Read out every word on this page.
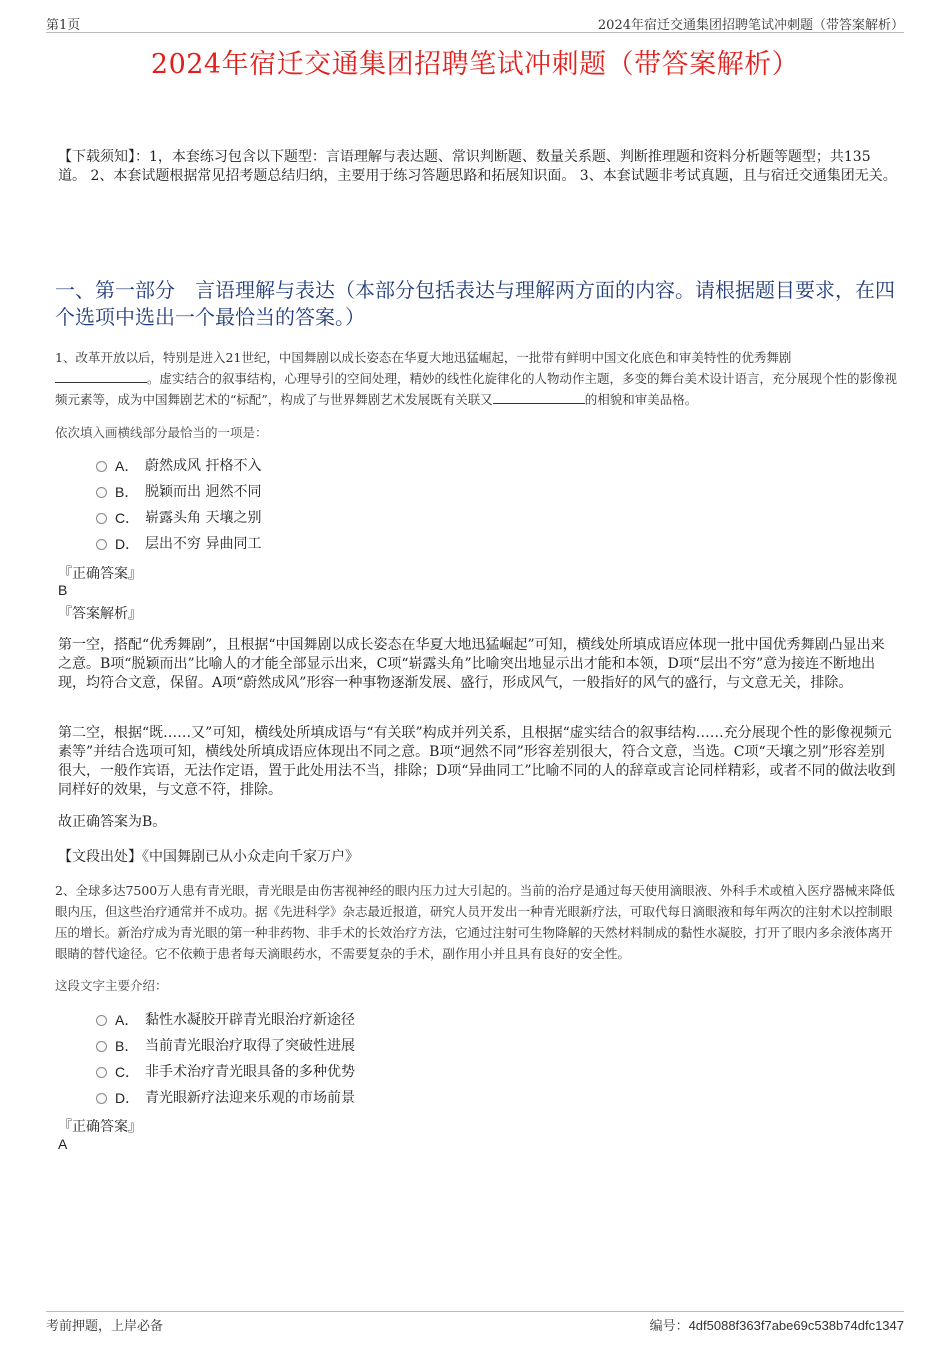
第1页	2024年宿迁交通集团招聘笔试冲刺题（带答案解析）
2024年宿迁交通集团招聘笔试冲刺题（带答案解析）
【下载须知】：1，本套练习包含以下题型：言语理解与表达题、常识判断题、数量关系题、判断推理题和资料分析题等题型；共135道。 2、本套试题根据常见招考题总结归纳，主要用于练习答题思路和拓展知识面。 3、本套试题非考试真题，且与宿迁交通集团无关。
一、第一部分　言语理解与表达（本部分包括表达与理解两方面的内容。请根据题目要求，在四个选项中选出一个最恰当的答案。）
1、改革开放以后，特别是进入21世纪，中国舞剧以成长姿态在华夏大地迅猛崛起，一批带有鲜明中国文化底色和审美特性的优秀舞剧
。虚实结合的叙事结构，心理导引的空间处理，精妙的线性化旋律化的人物动作主题，多变的舞台美术设计语言，充分展现个性的影像视频元素等，成为中国舞剧艺术的“标配”，构成了与世界舞剧艺术发展既有关联又	的相貌和审美品格。
依次填入画横线部分最恰当的一项是：
A． 蔚然成风 扞格不入
B． 脱颖而出 迥然不同
C． 崭露头角 天壤之别
D． 层出不穷 异曲同工
『正确答案』
B
『答案解析』
第一空，搭配“优秀舞剧”，且根据“中国舞剧以成长姿态在华夏大地迅猛崛起”可知，横线处所填成语应体现一批中国优秀舞剧凸显出来之意。B项“脱颖而出”比喻人的才能全部显示出来，C项“崭露头角”比喻突出地显示出才能和本领，D项“层出不穷”意为接连不断地出现，均符合文意，保留。A项“蔚然成风”形容一种事物逐渐发展、盛行，形成风气，一般指好的风气的盛行，与文意无关，排除。
第二空，根据“既……又”可知，横线处所填成语与“有关联”构成并列关系，且根据“虚实结合的叙事结构……充分展现个性的影像视频元素等”并结合选项可知，横线处所填成语应体现出不同之意。B项“迥然不同”形容差别很大，符合文意，当选。C项“天壤之别”形容差别很大，一般作宾语，无法作定语，置于此处用法不当，排除；D项“异曲同工”比喻不同的人的辞章或言论同样精彩，或者不同的做法收到同样好的效果，与文意不符，排除。
故正确答案为B。
【文段出处】《中国舞剧已从小众走向千家万户》
2、全球多达7500万人患有青光眼，青光眼是由伤害视神经的眼内压力过大引起的。当前的治疗是通过每天使用滴眼液、外科手术或植入医疗器械来降低眼内压，但这些治疗通常并不成功。据《先进科学》杂志最近报道，研究人员开发出一种青光眼新疗法，可取代每日滴眼液和每年两次的注射术以控制眼压的增长。新治疗成为青光眼的第一种非药物、非手术的长效治疗方法，它通过注射可生物降解的天然材料制成的黏性水凝胶，打开了眼内多余液体离开眼睛的替代途径。它不依赖于患者每天滴眼药水，不需要复杂的手术，副作用小并且具有良好的安全性。
这段文字主要介绍：
A． 黏性水凝胶开辟青光眼治疗新途径
B． 当前青光眼治疗取得了突破性进展
C． 非手术治疗青光眼具备的多种优势
D． 青光眼新疗法迎来乐观的市场前景
『正确答案』
A
考前押题，上岸必备	编号：4df5088f363f7abe69c538b74dfc1347
